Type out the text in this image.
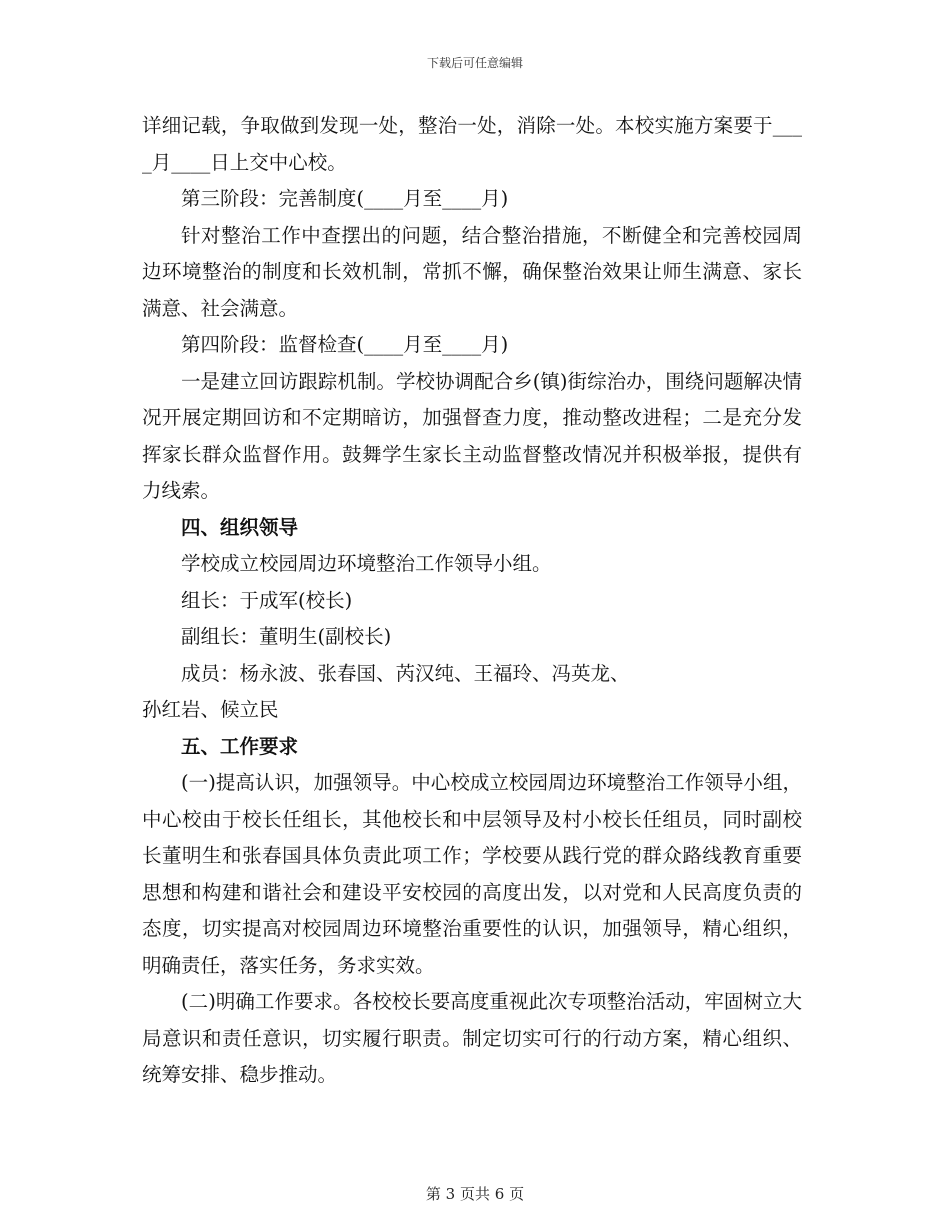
下载后可任意编辑

详细记载，争取做到发现一处，整治一处，消除一处。本校实施方案要于____月____日上交中心校。

第三阶段：完善制度(____月至____月)

针对整治工作中查摆出的问题，结合整治措施，不断健全和完善校园周边环境整治的制度和长效机制，常抓不懈，确保整治效果让师生满意、家长满意、社会满意。

第四阶段：监督检查(____月至____月)

一是建立回访跟踪机制。学校协调配合乡(镇)街综治办，围绕问题解决情况开展定期回访和不定期暗访，加强督查力度，推动整改进程；二是充分发挥家长群众监督作用。鼓舞学生家长主动监督整改情况并积极举报，提供有力线索。

四、组织领导

学校成立校园周边环境整治工作领导小组。

组长：于成军(校长)

副组长：董明生(副校长)

成员：杨永波、张春国、芮汉纯、王福玲、冯英龙、

孙红岩、候立民

五、工作要求

(一)提高认识，加强领导。中心校成立校园周边环境整治工作领导小组，中心校由于校长任组长，其他校长和中层领导及村小校长任组员，同时副校长董明生和张春国具体负责此项工作；学校要从践行党的群众路线教育重要思想和构建和谐社会和建设平安校园的高度出发，以对党和人民高度负责的态度，切实提高对校园周边环境整治重要性的认识，加强领导，精心组织，明确责任，落实任务，务求实效。

(二)明确工作要求。各校校长要高度重视此次专项整治活动，牢固树立大局意识和责任意识，切实履行职责。制定切实可行的行动方案，精心组织、统筹安排、稳步推动。

第 3 页共 6 页
